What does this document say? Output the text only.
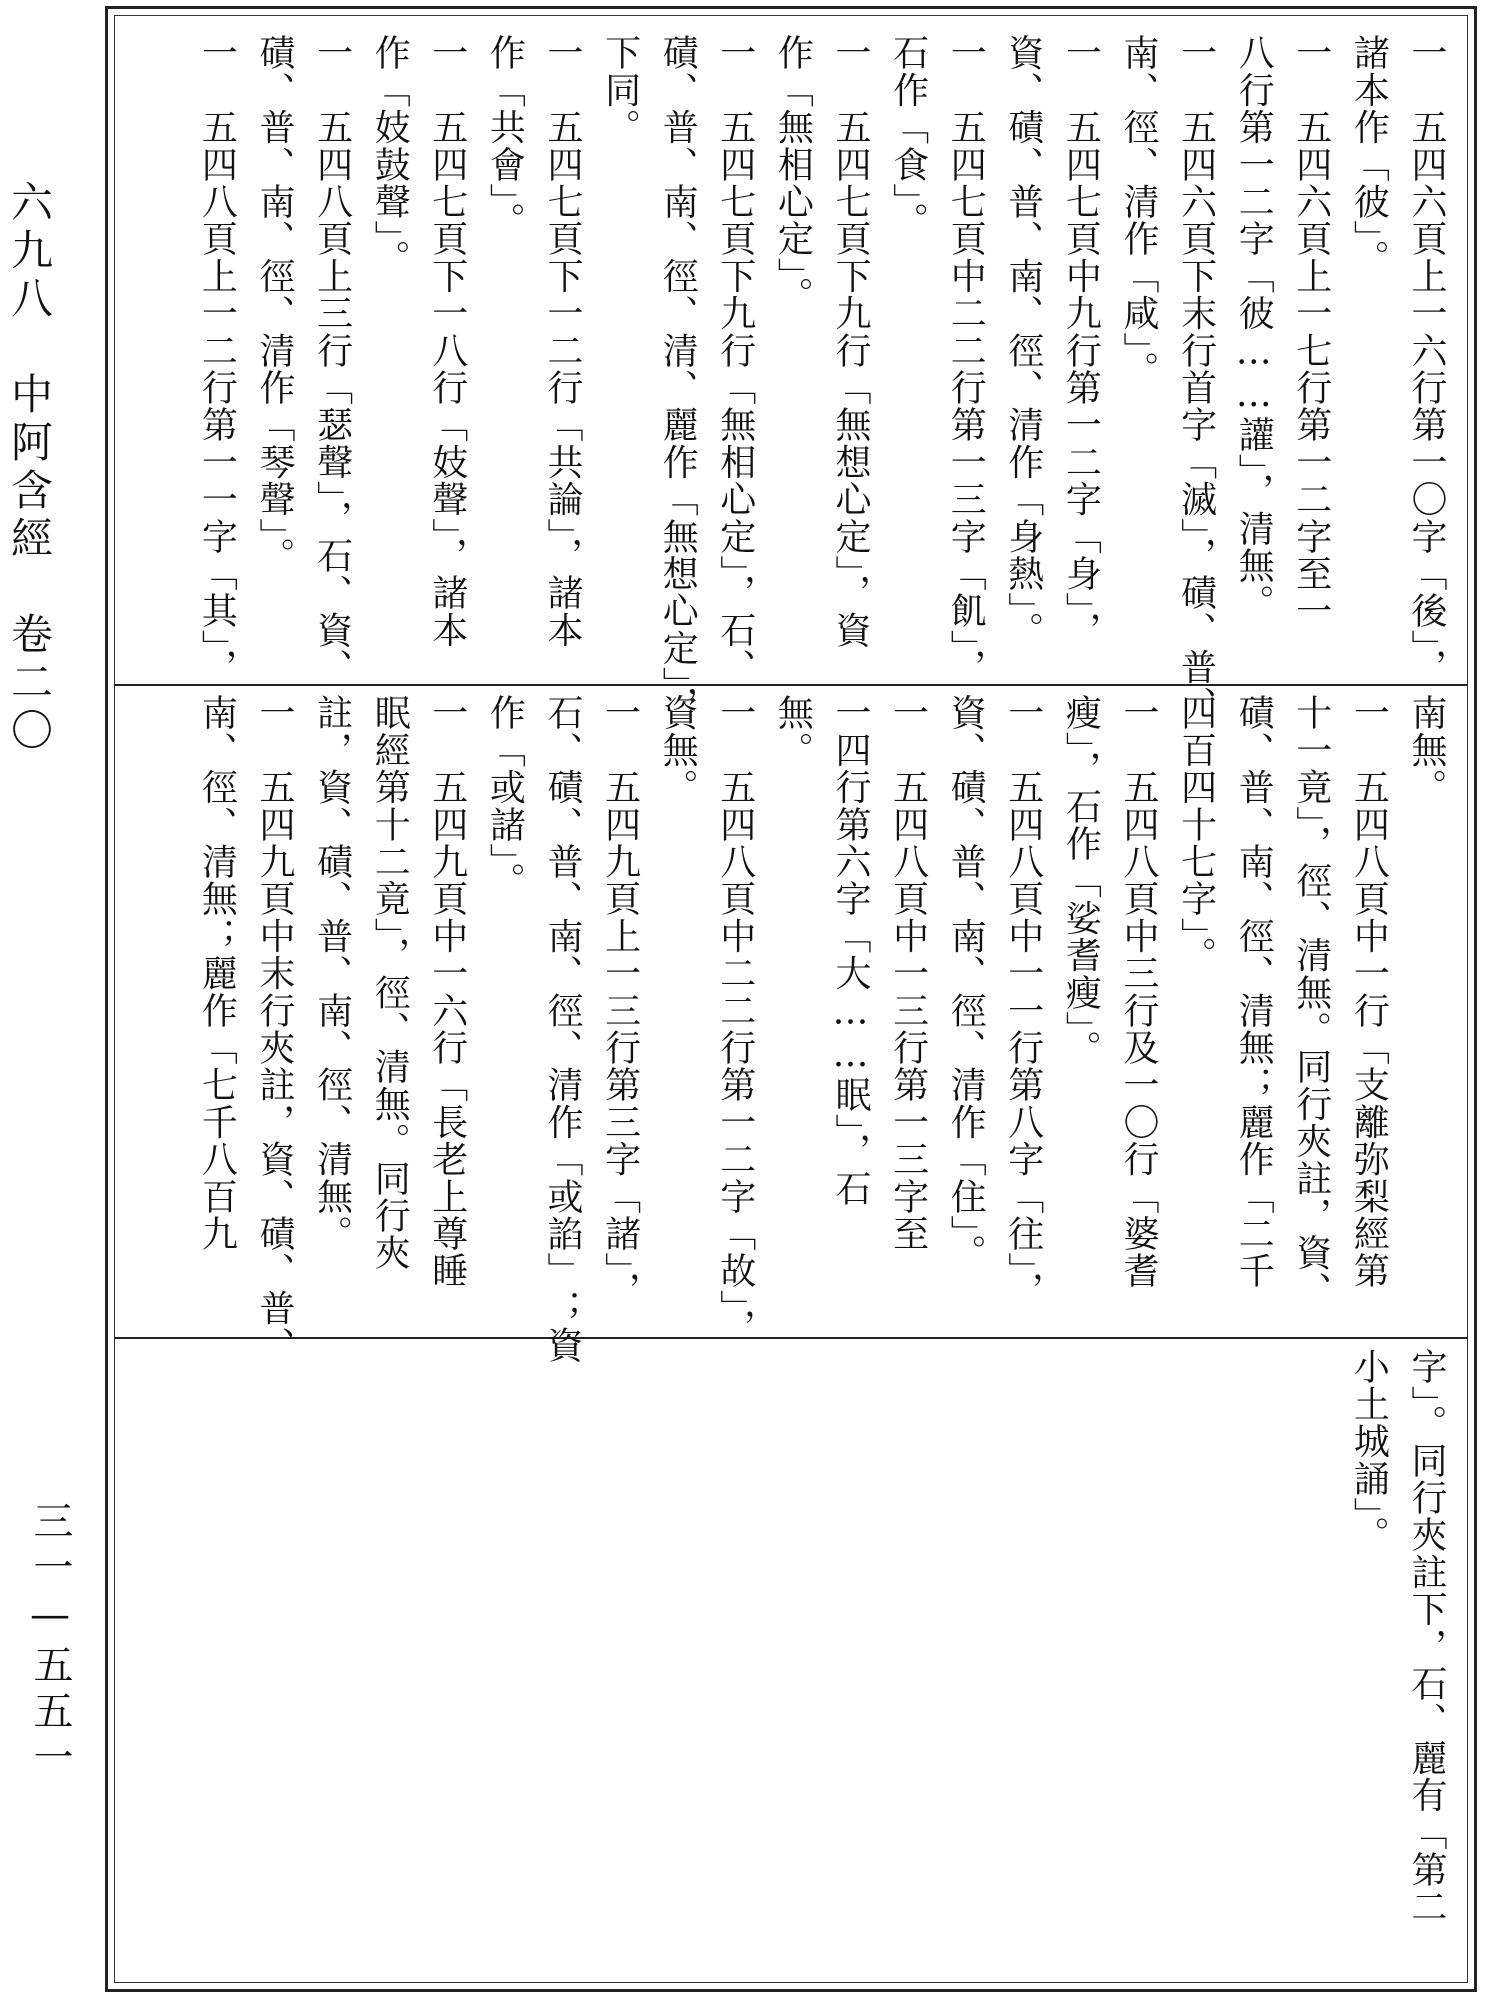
六九八　中阿含經　卷二〇
三一—五五一
一　五四六頁上一六行第一〇字「後」，
諸本作「彼」。
一　五四六頁上一七行第一二字至一
八行第一二字「彼……讙」，清無。
一　五四六頁下末行首字「滅」，磧、普、
南、徑、清作「咸」。
一　五四七頁中九行第一二字「身」，
資、磧、普、南、徑、清作「身熱」。
一　五四七頁中二二行第一三字「飢」，
石作「食」。
一　五四七頁下九行「無想心定」，資
作「無相心定」。
一　五四七頁下九行「無相心定」，石、
磧、普、南、徑、清、麗作「無想心定」，
下同。
一　五四七頁下一二行「共論」，諸本
作「共會」。
一　五四七頁下一八行「妓聲」，諸本
作「妓鼓聲」。
一　五四八頁上三行「瑟聲」，石、資、
磧、普、南、徑、清作「琴聲」。
一　五四八頁上一二行第一一字「其」，
南無。
一　五四八頁中一行「支離弥梨經第
十一竟」，徑、清無。同行夾註，資、
磧、普、南、徑、清無；麗作「二千
四百四十七字」。
一　五四八頁中三行及一〇行「婆耆
瘦」，石作「娑耆瘦」。
一　五四八頁中一一行第八字「往」，
資、磧、普、南、徑、清作「住」。
一　五四八頁中一三行第一三字至
一四行第六字「大……眠」，石
無。
一　五四八頁中二二行第一二字「故」，
資無。
一　五四九頁上一三行第三字「諸」，
石、磧、普、南、徑、清作「或諂」；資
作「或諸」。
一　五四九頁中一六行「長老上尊睡
眠經第十二竟」，徑、清無。同行夾
註，資、磧、普、南、徑、清無。
一　五四九頁中末行夾註，資、磧、普、
南、徑、清無；麗作「七千八百九
字」。同行夾註下，石、麗有「第二
小土城誦」。
